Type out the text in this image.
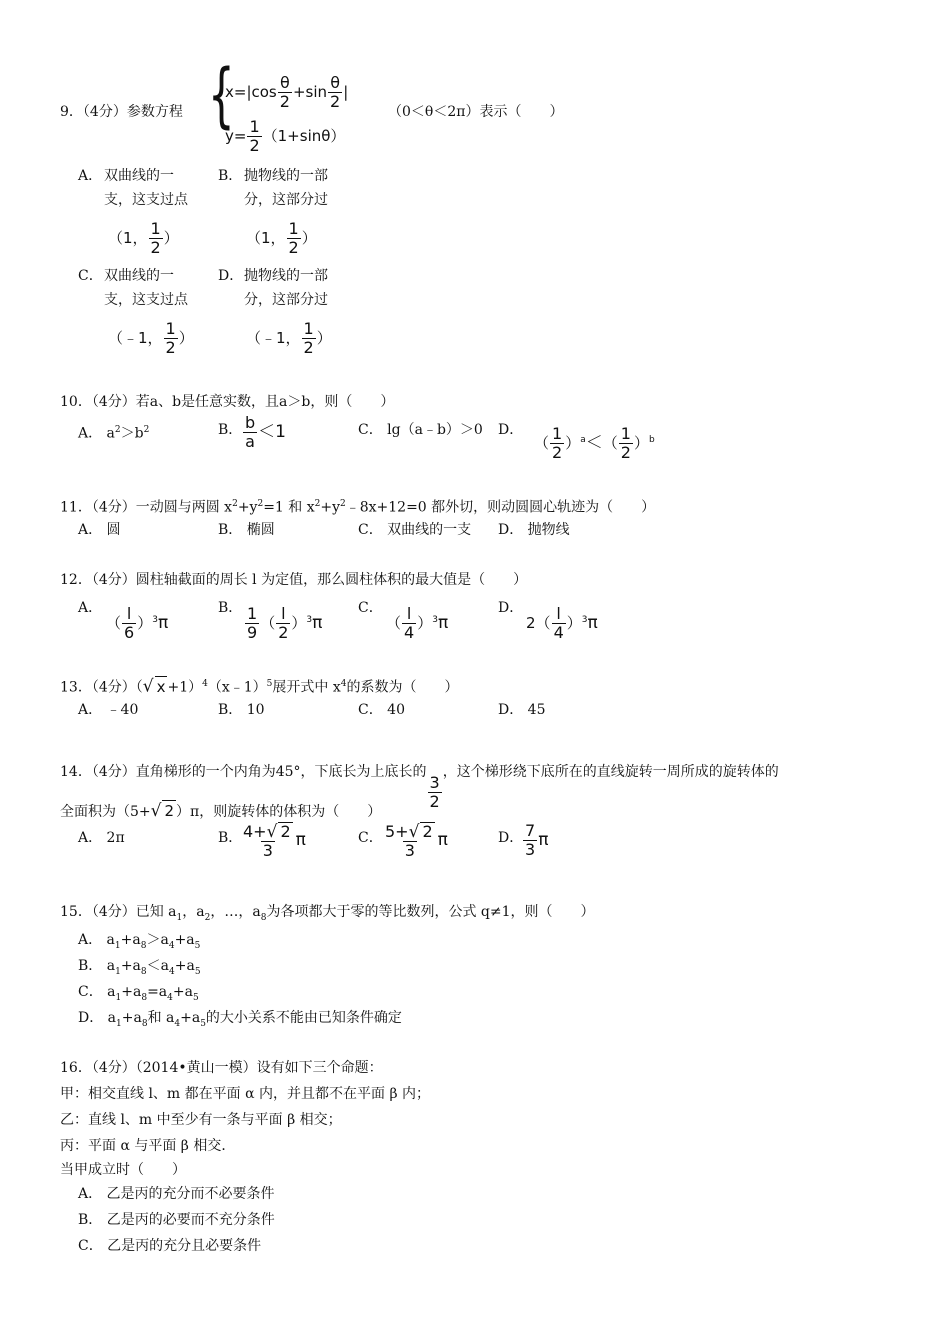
9．（4分）参数方程 {
$x=|\cos \frac{\theta}{2} +\sin \frac{\theta}{2}$ |
$y= \frac{1}{2} (1+\sin\theta)$
（0＜θ＜2π）表示（　　）
A． 双曲线的一
支，这支过点
（1， $\frac{1}{2}$ ）
B． 抛物线的一部
分，这部分过
（1， $\frac{1}{2}$ ）
C． 双曲线的一
支，这支过点
（﹣1， $\frac{1}{2}$ ）
D． 抛物线的一部
分，这部分过
（﹣1， $\frac{1}{2}$ ）
10．（4分）若a、b是任意实数，且a＞b，则（　　）
A． $a^2>b^2$	B． $\frac{b}{a} <1$	C． lg（a﹣b）＞0 D．
（ $\frac{1}{2} )^a<( \frac{1}{2} )^b$
11．（4分）一动圆与两圆 $x^2+y^2=1$ 和 $x^2+y^2﹣8x+12=0$ 都外切，则动圆圆心轨迹为（　　）
A． 圆	B． 椭圆	C． 双曲线的一支 D． 抛物线
12．（4分）圆柱轴截面的周长 l 为定值，那么圆柱体积的最大值是（　　）
A．
（ $\frac{l}{6} )^3\pi$
B． $\frac{1}{9}$ （ $\frac{l}{2} )^3\pi$
C．
（ $\frac{l}{4} )^3\pi$
D．
$2( \frac{l}{4} )^3\pi$
13．（4分）（√ x +1）$^4$（x﹣1）$^5$展开式中 $x^4$的系数为（　　）
A． ﹣40	B． 10	C． 40	D． 45
14．（4分）直角梯形的一个内角为45°，下底长为上底长的
$\frac{3}{2}$
，这个梯形绕下底所在的直线旋转一周所成的旋转体的
全面积为（5+√ 2 ）π，则旋转体的体积为（　　）
A． 2π	B．
$\frac{4+√ 2}{3}$ π	C． $\frac{5+√ 2}{3}$ π	D． $\frac{7}{3}$ π
15．（4分）已知 $a_1$，$a_2$，…，$a_8$为各项都大于零的等比数列，公式 q≠1，则（　　）
A． $a_1+a_8>a_4+a_5$
B． $a_1+a_8<a_4+a_5$
C． $a_1+a_8=a_4+a_5$
D． $a_1+a_8$和 $a_4+a_5$的大小关系不能由已知条件确定
16．（4分）（2014•黄山一模）设有如下三个命题：
甲：相交直线 l、m 都在平面 α 内，并且都不在平面 β 内；
乙：直线 l、m 中至少有一条与平面 β 相交；
丙：平面 α 与平面 β 相交．
当甲成立时（　　）
A． 乙是丙的充分而不必要条件
B． 乙是丙的必要而不充分条件
C． 乙是丙的充分且必要条件
